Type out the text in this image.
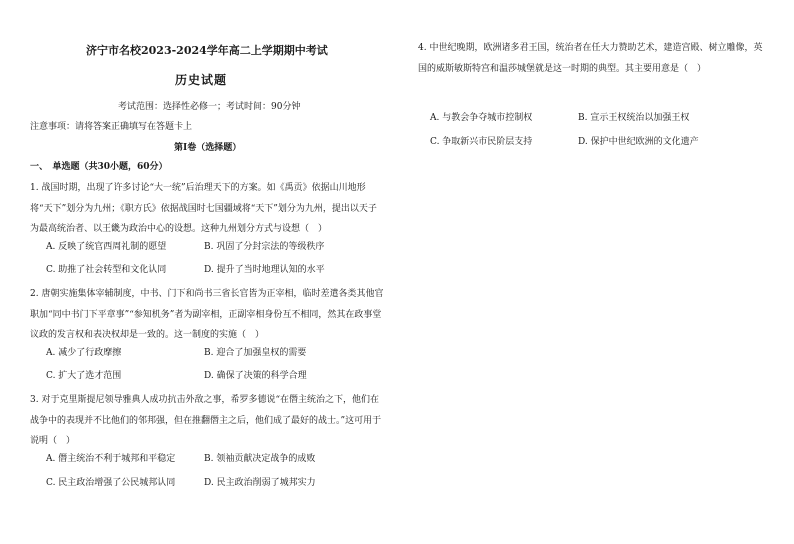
济宁市名校2023-2024学年高二上学期期中考试
历史试题
考试范围：选择性必修一；考试时间：90分钟
注意事项：请将答案正确填写在答题卡上
第I卷（选择题）
一、　单选题（共30小题，60分）
1. 战国时期，出现了许多讨论“大一统”后治理天下的方案。如《禹贡》依据山川地形将“天下”划分为九州；《职方氏》依据战国时七国疆域将“天下”划分为九州，提出以天子为最高统治者、以王畿为政治中心的设想。这种九州划分方式与设想（　）
A. 反映了统官西周礼制的愿望	B. 巩固了分封宗法的等级秩序
C. 助推了社会转型和文化认同	D. 提升了当时地理认知的水平
2. 唐朝实施集体宰辅制度，中书、门下和尚书三省长官皆为正宰相，临时差遣各类其他官职加“同中书门下平章事”“参知机务”者为副宰相，正副宰相身份互不相同，然其在政事堂议政的发言权和表决权却是一致的。这一制度的实施（　）
A. 减少了行政摩擦	B. 迎合了加强皇权的需要
C. 扩大了选才范围	D. 确保了决策的科学合理
3. 对于克里斯提尼领导雅典人成功抗击外敌之事，希罗多德说“在僭主统治之下，他们在战争中的表现并不比他们的邻邦强，但在推翻僭主之后，他们成了最好的战士。”这可用于说明（　）
A. 僭主统治不利于城邦和平稳定	B. 领袖贡献决定战争的成败
C. 民主政治增强了公民城邦认同	D. 民主政治削弱了城邦实力
4. 中世纪晚期，欧洲诸多君王国，统治者在任大力赞助艺术，建造宫殿、树立雕像，英国的威斯敏斯特宫和温莎城堡就是这一时期的典型。其主要用意是（　）
A. 与教会争夺城市控制权	B. 宣示王权统治以加强王权
C. 争取新兴市民阶层支持	D. 保护中世纪欧洲的文化遗产
